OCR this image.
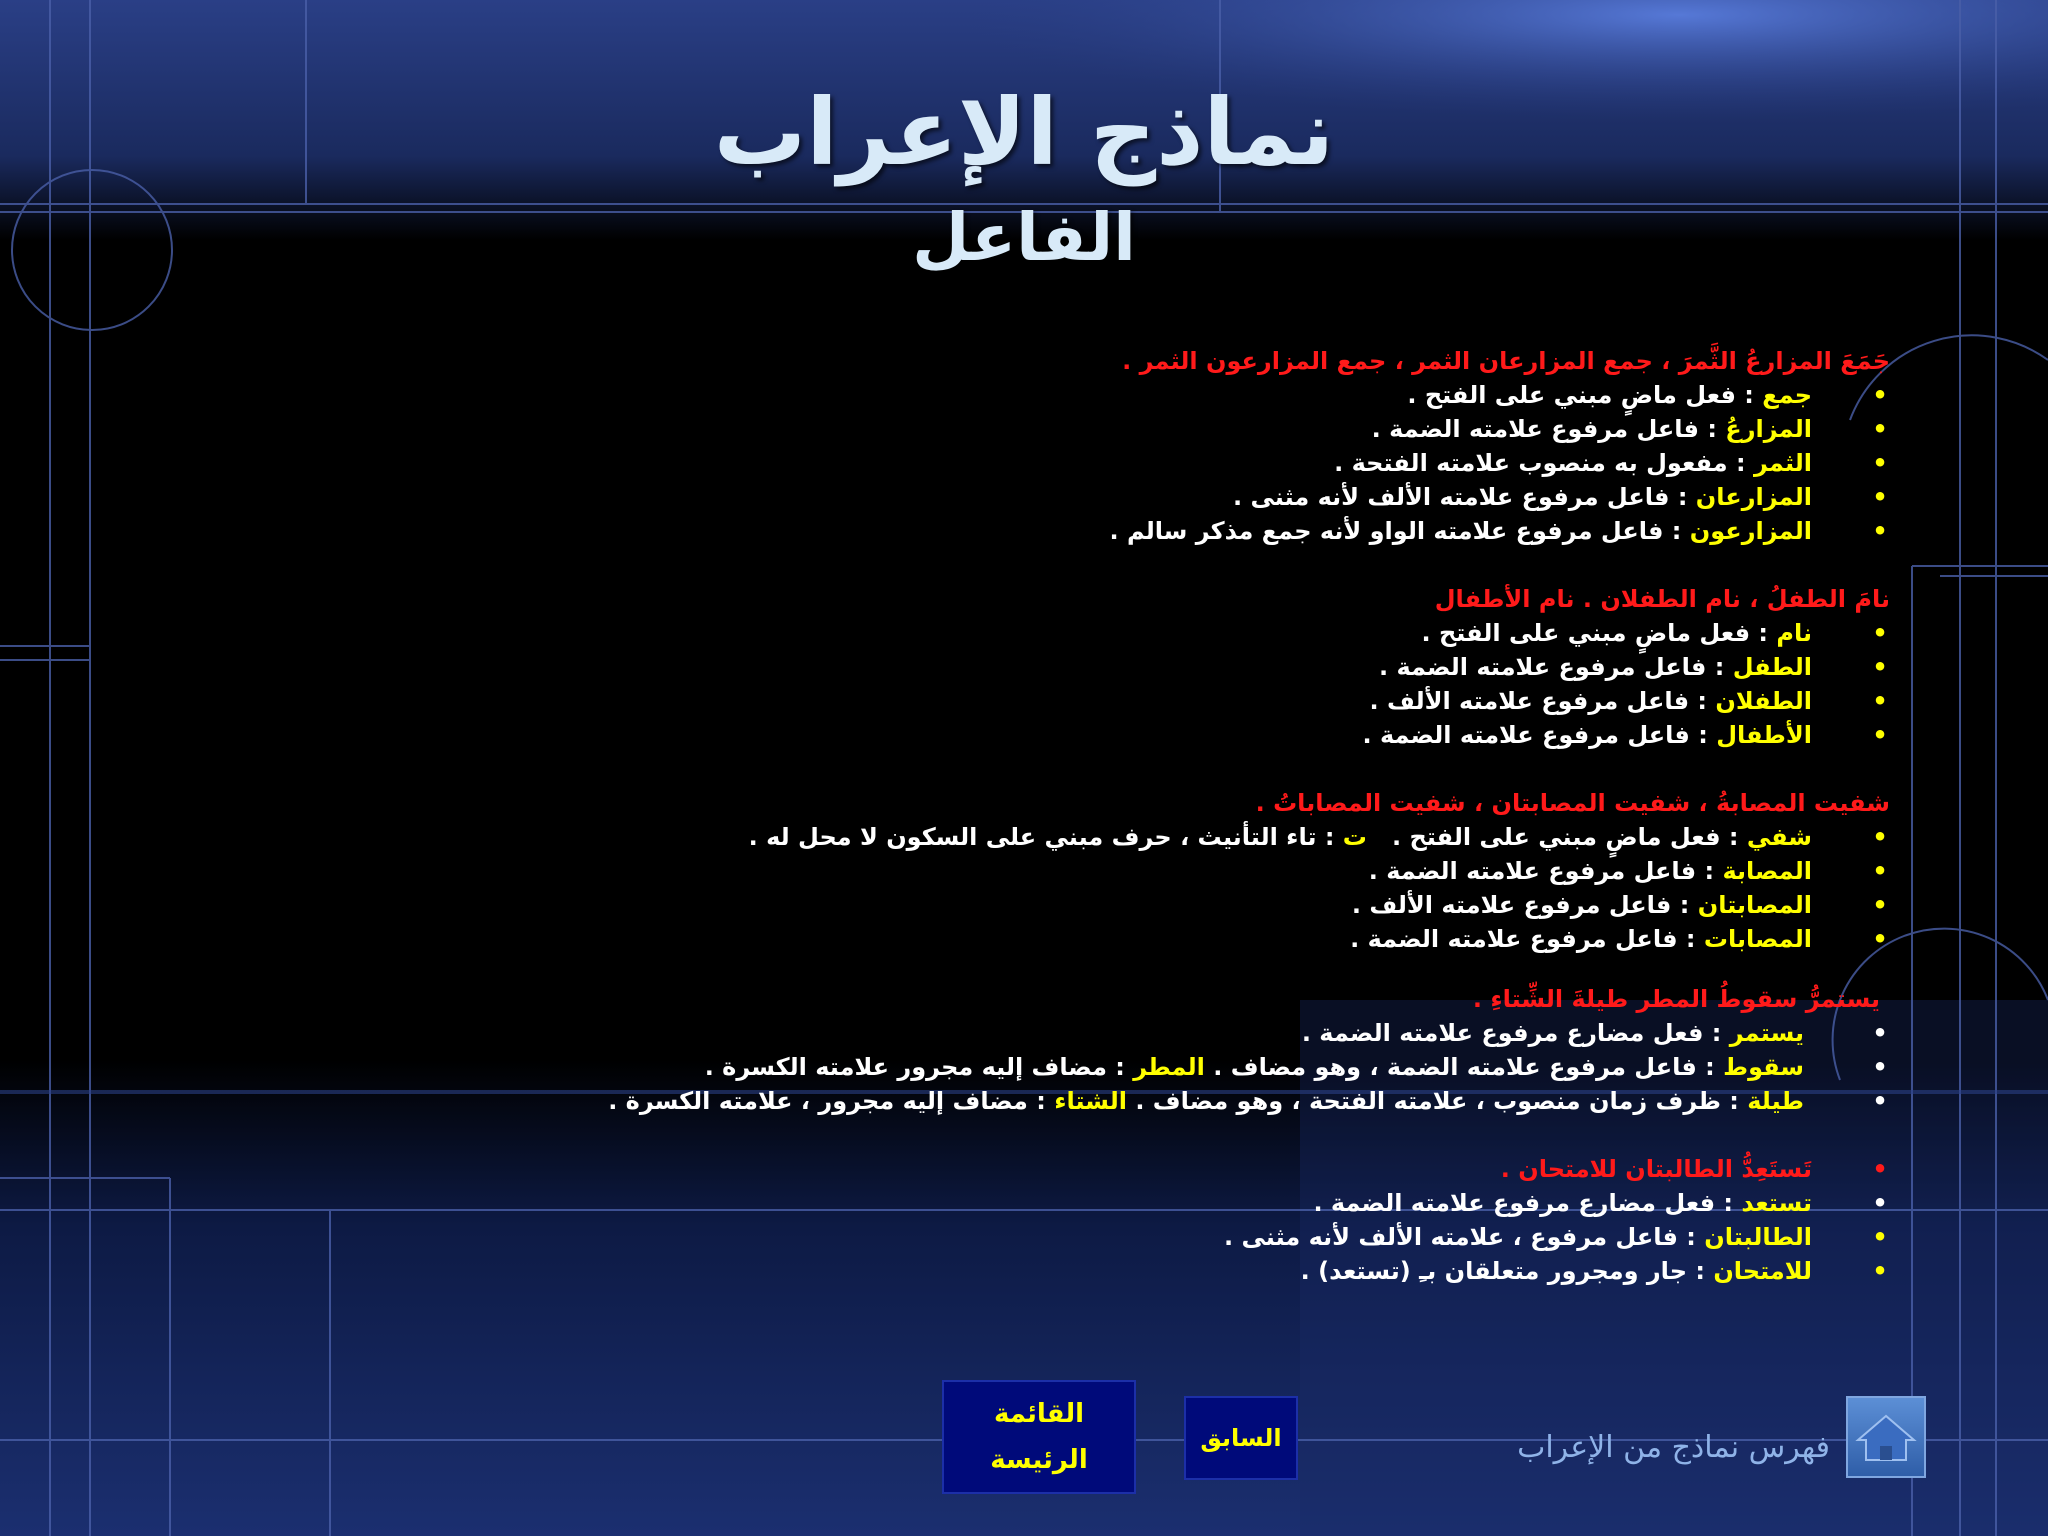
نماذج الإعراب
الفاعل
جَمَعَ المزارعُ الثَّمرَ ، جمع المزارعان الثمر ، جمع المزارعون الثمر .
•
جمع : فعل ماضٍ مبني على الفتح .
•
المزارعُ : فاعل مرفوع علامته الضمة .
•
الثمر : مفعول به منصوب علامته الفتحة .
•
المزارعان : فاعل مرفوع علامته الألف لأنه مثنى .
•
المزارعون : فاعل مرفوع علامته الواو لأنه جمع مذكر سالم .
نامَ الطفلُ ، نام الطفلان . نام الأطفال
•
نام : فعل ماضٍ مبني على الفتح .
•
الطفل : فاعل مرفوع علامته الضمة .
•
الطفلان : فاعل مرفوع علامته الألف .
•
الأطفال : فاعل مرفوع علامته الضمة .
شفيت المصابةُ ، شفيت المصابتان ، شفيت المصاباتُ .
•
شفي : فعل ماضٍ مبني على الفتح .   ت : تاء التأنيث ، حرف مبني على السكون لا محل له .
•
المصابة : فاعل مرفوع علامته الضمة .
•
المصابتان : فاعل مرفوع علامته الألف .
•
المصابات : فاعل مرفوع علامته الضمة .
يستمرُّ سقوطُ المطر طيلةَ الشِّتاءِ .
•
يستمر : فعل مضارع مرفوع علامته الضمة .
•
سقوط : فاعل مرفوع علامته الضمة ، وهو مضاف . المطر : مضاف إليه مجرور علامته الكسرة .
•
طيلة : ظرف زمان منصوب ، علامته الفتحة ، وهو مضاف . الشتاء : مضاف إليه مجرور ، علامته الكسرة .
•
تَستَعِدُّ الطالبتان للامتحان .
•
تستعد : فعل مضارع مرفوع علامته الضمة .
•
الطالبتان : فاعل مرفوع ، علامته الألف لأنه مثنى .
•
للامتحان : جار ومجرور متعلقان بـِ (تستعد) .
القائمة
الرئيسة
السابق	فهرس نماذج من الإعراب
